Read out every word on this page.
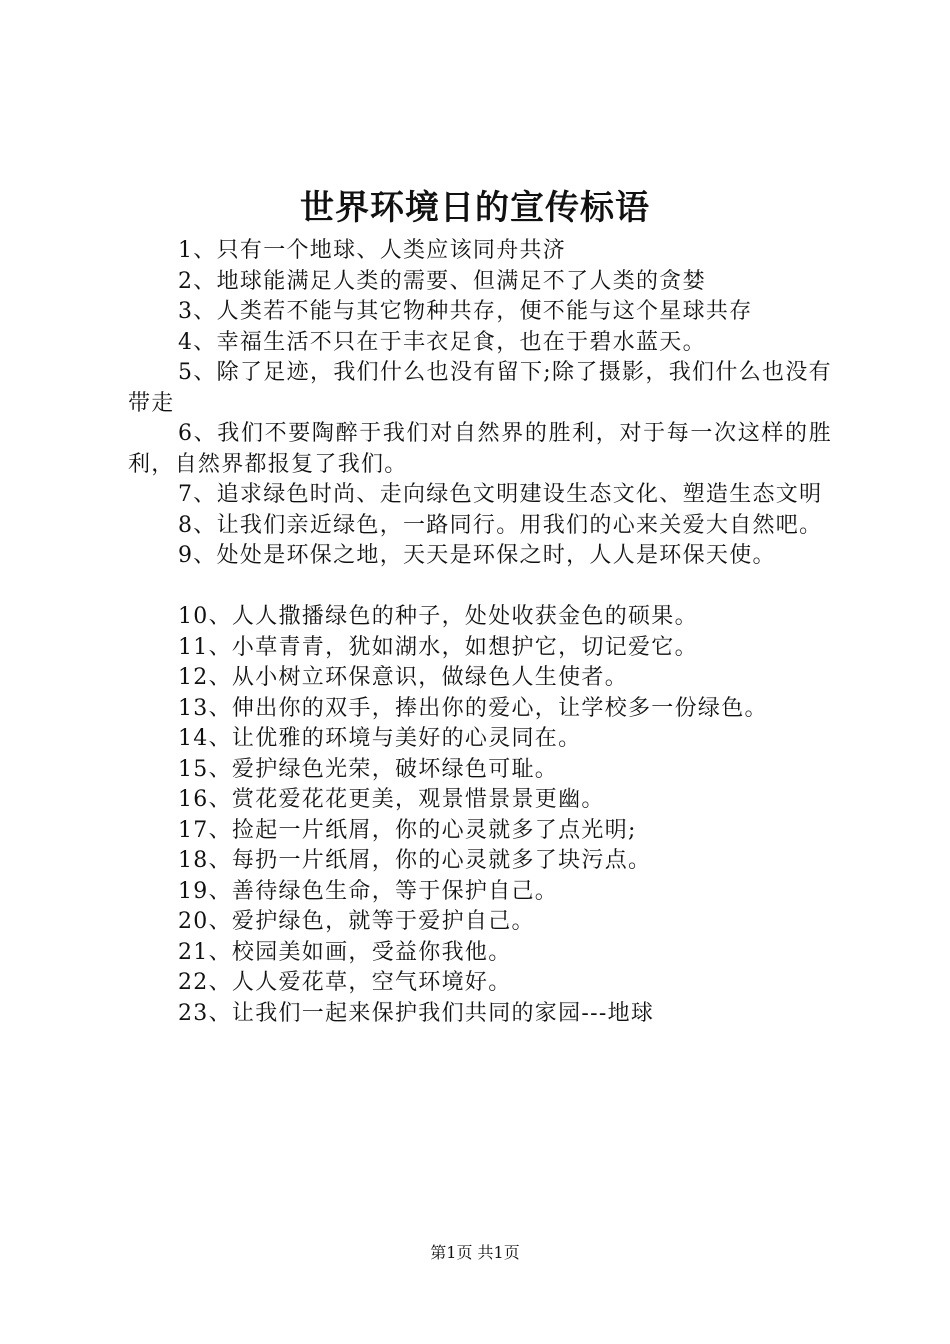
世界环境日的宣传标语

1、只有一个地球、人类应该同舟共济

2、地球能满足人类的需要、但满足不了人类的贪婪

3、人类若不能与其它物种共存，便不能与这个星球共存

4、幸福生活不只在于丰衣足食，也在于碧水蓝天。

5、除了足迹，我们什么也没有留下;除了摄影，我们什么也没有带走

6、我们不要陶醉于我们对自然界的胜利，对于每一次这样的胜利，自然界都报复了我们。

7、追求绿色时尚、走向绿色文明建设生态文化、塑造生态文明

8、让我们亲近绿色，一路同行。用我们的心来关爱大自然吧。

9、处处是环保之地，天天是环保之时，人人是环保天使。

10、人人撒播绿色的种子，处处收获金色的硕果。

11、小草青青，犹如湖水，如想护它，切记爱它。

12、从小树立环保意识，做绿色人生使者。

13、伸出你的双手，捧出你的爱心，让学校多一份绿色。

14、让优雅的环境与美好的心灵同在。

15、爱护绿色光荣，破坏绿色可耻。

16、赏花爱花花更美，观景惜景景更幽。

17、捡起一片纸屑，你的心灵就多了点光明;

18、每扔一片纸屑，你的心灵就多了块污点。

19、善待绿色生命，等于保护自己。

20、爱护绿色，就等于爱护自己。

21、校园美如画，受益你我他。

22、人人爱花草，空气环境好。

23、让我们一起来保护我们共同的家园---地球

第1页 共1页
